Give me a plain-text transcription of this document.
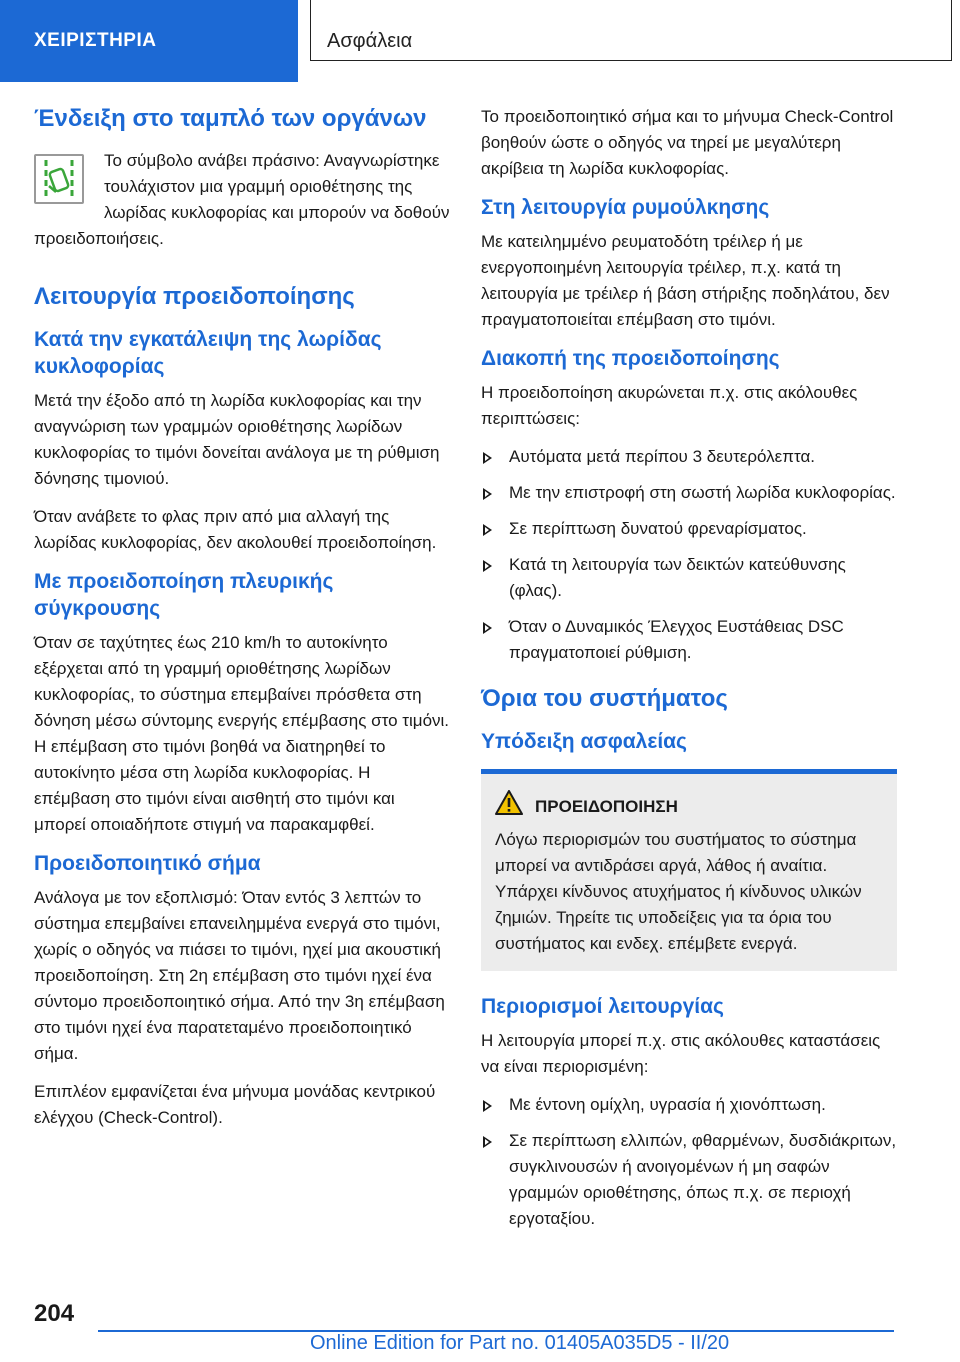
ΧΕΙΡΙΣΤΗΡΙΑ	Ασφάλεια
Ένδειξη στο ταμπλό των οργάνων

Το σύμβολο ανάβει πράσινο: Αναγνωρίστηκε τουλάχιστον μια γραμμή οριοθέτησης της λωρίδας κυκλοφορίας και μπορούν να δοθούν προειδοποιήσεις.

Λειτουργία προειδοποίησης
Κατά την εγκατάλειψη της λωρίδας κυκλοφορίας

Μετά την έξοδο από τη λωρίδα κυκλοφορίας και την αναγνώριση των γραμμών οριοθέτησης λωρίδων κυκλοφορίας το τιμόνι δονείται ανάλογα με τη ρύθμιση δόνησης τιμονιού.

Όταν ανάβετε το φλας πριν από μια αλλαγή της λωρίδας κυκλοφορίας, δεν ακολουθεί προειδοποίηση.

Με προειδοποίηση πλευρικής σύγκρουσης

Όταν σε ταχύτητες έως 210 km/h το αυτοκίνητο εξέρχεται από τη γραμμή οριοθέτησης λωρίδων κυκλοφορίας, το σύστημα επεμβαίνει πρόσθετα στη δόνηση μέσω σύντομης ενεργής επέμβασης στο τιμόνι. Η επέμβαση στο τιμόνι βοηθά να διατηρηθεί το αυτοκίνητο μέσα στη λωρίδα κυκλοφορίας. Η επέμβαση στο τιμόνι είναι αισθητή στο τιμόνι και μπορεί οποιαδήποτε στιγμή να παρακαμφθεί.

Προειδοποιητικό σήμα

Ανάλογα με τον εξοπλισμό: Όταν εντός 3 λεπτών το σύστημα επεμβαίνει επανειλημμένα ενεργά στο τιμόνι, χωρίς ο οδηγός να πιάσει το τιμόνι, ηχεί μια ακουστική προειδοποίηση. Στη 2η επέμβαση στο τιμόνι ηχεί ένα σύντομο προειδοποιητικό σήμα. Από την 3η επέμβαση στο τιμόνι ηχεί ένα παρατεταμένο προειδοποιητικό σήμα.

Επιπλέον εμφανίζεται ένα μήνυμα μονάδας κεντρικού ελέγχου (Check-Control).

Το προειδοποιητικό σήμα και το μήνυμα Check-Control βοηθούν ώστε ο οδηγός να τηρεί με μεγαλύτερη ακρίβεια τη λωρίδα κυκλοφορίας.

Στη λειτουργία ρυμούλκησης

Με κατειλημμένο ρευματοδότη τρέιλερ ή με ενεργοποιημένη λειτουργία τρέιλερ, π.χ. κατά τη λειτουργία με τρέιλερ ή βάση στήριξης ποδηλάτου, δεν πραγματοποιείται επέμβαση στο τιμόνι.

Διακοπή της προειδοποίησης

Η προειδοποίηση ακυρώνεται π.χ. στις ακόλουθες περιπτώσεις:

Αυτόματα μετά περίπου 3 δευτερόλεπτα.
Με την επιστροφή στη σωστή λωρίδα κυκλοφορίας.
Σε περίπτωση δυνατού φρεναρίσματος.
Κατά τη λειτουργία των δεικτών κατεύθυνσης (φλας).
Όταν ο Δυναμικός Έλεγχος Ευστάθειας DSC πραγματοποιεί ρύθμιση.
Όρια του συστήματος
Υπόδειξη ασφαλείας
ΠΡΟΕΙΔΟΠΟΙΗΣΗ
Λόγω περιορισμών του συστήματος το σύστημα μπορεί να αντιδράσει αργά, λάθος ή αναίτια. Υπάρχει κίνδυνος ατυχήματος ή κίνδυνος υλικών ζημιών. Τηρείτε τις υποδείξεις για τα όρια του συστήματος και ενδεχ. επέμβετε ενεργά.
Περιορισμοί λειτουργίας

Η λειτουργία μπορεί π.χ. στις ακόλουθες καταστάσεις να είναι περιορισμένη:

Με έντονη ομίχλη, υγρασία ή χιονόπτωση.
Σε περίπτωση ελλιπών, φθαρμένων, δυσδιάκριτων, συγκλινουσών ή ανοιγομένων ή μη σαφών γραμμών οριοθέτησης, όπως π.χ. σε περιοχή εργοταξίου.
204
Online Edition for Part no. 01405A035D5 - II/20
